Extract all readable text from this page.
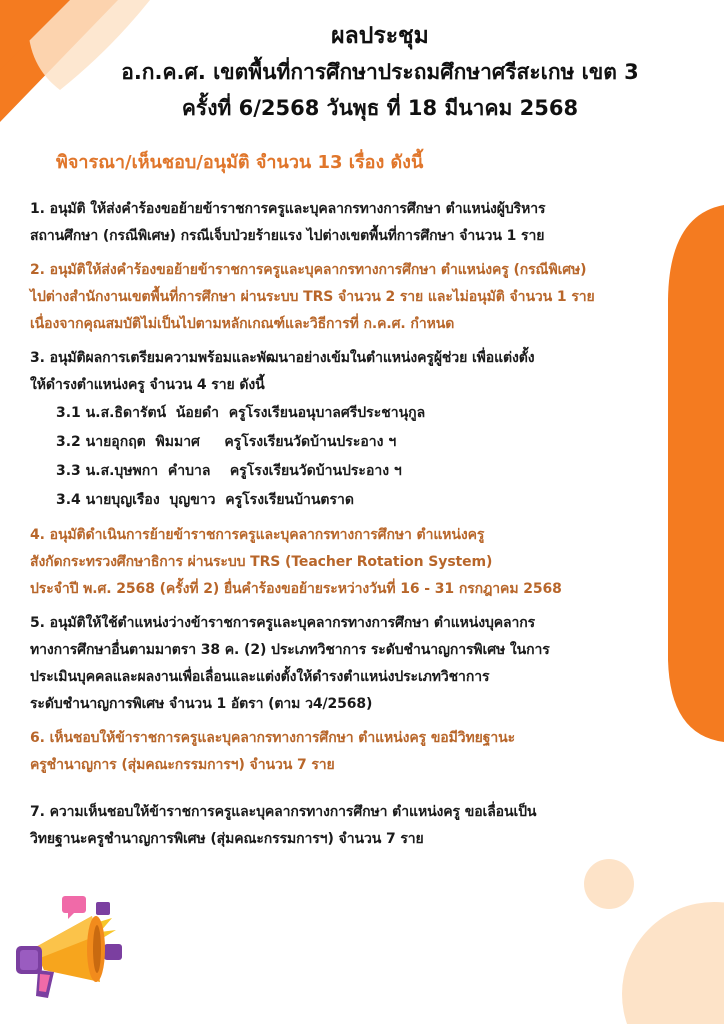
ผลประชุม
อ.ก.ค.ศ. เขตพื้นที่การศึกษาประถมศึกษาศรีสะเกษ เขต 3
ครั้งที่ 6/2568 วันพุธ ที่ 18 มีนาคม 2568
พิจารณา/เห็นชอบ/อนุมัติ จำนวน 13 เรื่อง ดังนี้
1. อนุมัติ ให้ส่งคำร้องขอย้ายข้าราชการครูและบุคลากรทางการศึกษา ตำแหน่งผู้บริหาร
สถานศึกษา (กรณีพิเศษ) กรณีเจ็บป่วยร้ายแรง ไปต่างเขตพื้นที่การศึกษา จำนวน 1 ราย
2. อนุมัติให้ส่งคำร้องขอย้ายข้าราชการครูและบุคลากรทางการศึกษา ตำแหน่งครู (กรณีพิเศษ)
ไปต่างสำนักงานเขตพื้นที่การศึกษา ผ่านระบบ TRS จำนวน 2 ราย และไม่อนุมัติ จำนวน 1 ราย
เนื่องจากคุณสมบัติไม่เป็นไปตามหลักเกณฑ์และวิธีการที่ ก.ค.ศ. กำหนด
3. อนุมัติผลการเตรียมความพร้อมและพัฒนาอย่างเข้มในตำแหน่งครูผู้ช่วย เพื่อแต่งตั้ง
ให้ดำรงตำแหน่งครู จำนวน 4 ราย ดังนี้
3.1 น.ส.ธิดารัตน์  น้อยดำ  ครูโรงเรียนอนุบาลศรีประชานุกูล
3.2 นายอุกฤต  พิมมาศ     ครูโรงเรียนวัดบ้านประอาง ฯ
3.3 น.ส.บุษพกา  คำบาล    ครูโรงเรียนวัดบ้านประอาง ฯ
3.4 นายบุญเรือง  บุญขาว  ครูโรงเรียนบ้านตราด
4. อนุมัติดำเนินการย้ายข้าราชการครูและบุคลากรทางการศึกษา ตำแหน่งครู
สังกัดกระทรวงศึกษาธิการ ผ่านระบบ TRS (Teacher Rotation System)
ประจำปี พ.ศ. 2568 (ครั้งที่ 2) ยื่นคำร้องขอย้ายระหว่างวันที่ 16 - 31 กรกฎาคม 2568
5. อนุมัติให้ใช้ตำแหน่งว่างข้าราชการครูและบุคลากรทางการศึกษา ตำแหน่งบุคลากร
ทางการศึกษาอื่นตามมาตรา 38 ค. (2) ประเภทวิชาการ ระดับชำนาญการพิเศษ ในการ
ประเมินบุคคลและผลงานเพื่อเลื่อนและแต่งตั้งให้ดำรงตำแหน่งประเภทวิชาการ
ระดับชำนาญการพิเศษ จำนวน 1 อัตรา (ตาม ว4/2568)
6. เห็นชอบให้ข้าราชการครูและบุคลากรทางการศึกษา ตำแหน่งครู ขอมีวิทยฐานะ
ครูชำนาญการ (สุ่มคณะกรรมการฯ) จำนวน 7 ราย
7. ความเห็นชอบให้ข้าราชการครูและบุคลากรทางการศึกษา ตำแหน่งครู ขอเลื่อนเป็น
วิทยฐานะครูชำนาญการพิเศษ (สุ่มคณะกรรมการฯ) จำนวน 7 ราย
